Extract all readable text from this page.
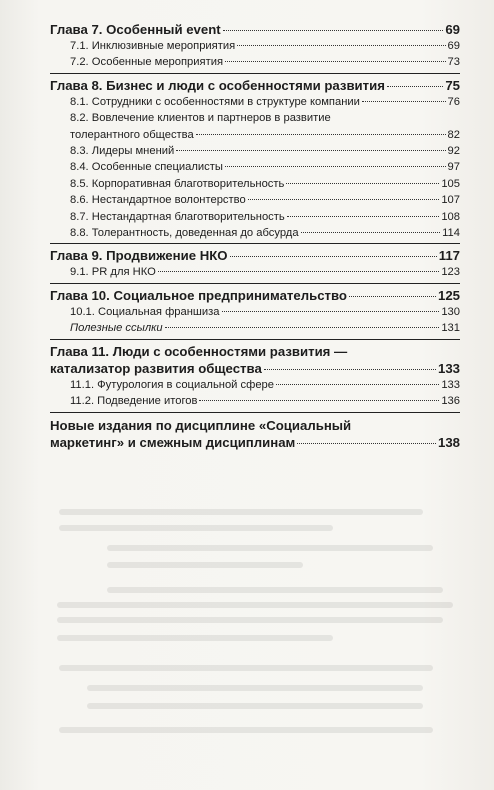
Глава 7. Особенный event	69
7.1. Инклюзивные мероприятия	69
7.2. Особенные мероприятия	73
Глава 8. Бизнес и люди с особенностями развития	75
8.1. Сотрудники с особенностями в структуре компании	76
8.2. Вовлечение клиентов и партнеров в развитие
толерантного общества	82
8.3. Лидеры мнений	92
8.4. Особенные специалисты	97
8.5. Корпоративная благотворительность	105
8.6. Нестандартное волонтерство	107
8.7. Нестандартная благотворительность	108
8.8. Толерантность, доведенная до абсурда	114
Глава 9. Продвижение НКО	117
9.1. PR для НКО	123
Глава 10. Социальное предпринимательство	125
10.1. Социальная франшиза	130
Полезные ссылки	131
Глава 11. Люди с особенностями развития —
катализатор развития общества	133
11.1. Футурология в социальной сфере	133
11.2. Подведение итогов	136
Новые издания по дисциплине «Социальный
маркетинг» и смежным дисциплинам	138
